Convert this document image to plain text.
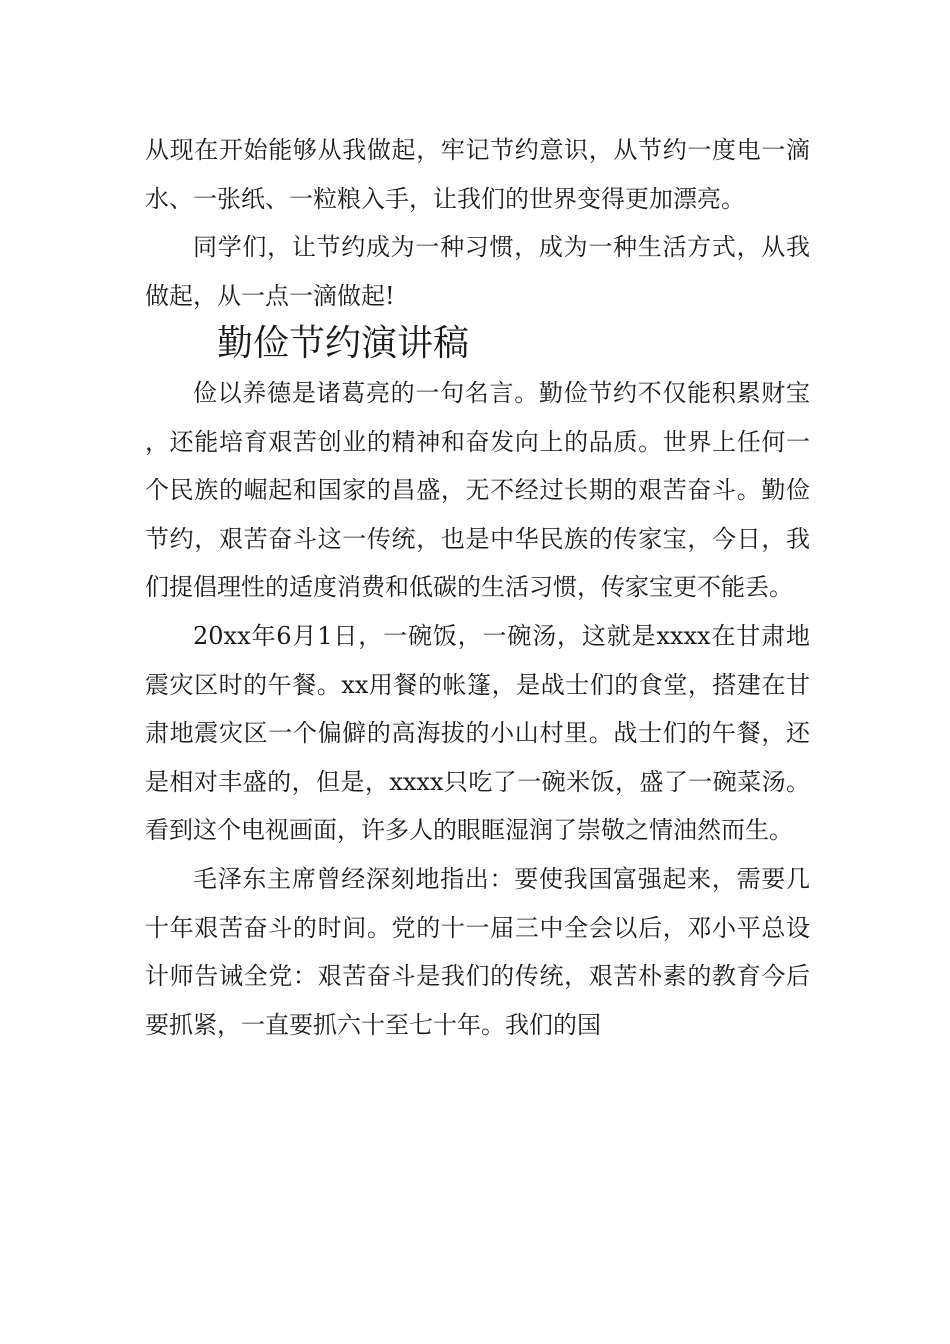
从现在开始能够从我做起，牢记节约意识，从节约一度电一滴水、一张纸、一粒粮入手，让我们的世界变得更加漂亮。

同学们，让节约成为一种习惯，成为一种生活方式，从我做起，从一点一滴做起!

勤俭节约演讲稿

俭以养德是诸葛亮的一句名言。勤俭节约不仅能积累财宝，还能培育艰苦创业的精神和奋发向上的品质。世界上任何一个民族的崛起和国家的昌盛，无不经过长期的艰苦奋斗。勤俭节约，艰苦奋斗这一传统，也是中华民族的传家宝，今日，我们提倡理性的适度消费和低碳的生活习惯，传家宝更不能丢。

20xx年6月1日，一碗饭，一碗汤，这就是xxxx在甘肃地震灾区时的午餐。xx用餐的帐篷，是战士们的食堂，搭建在甘肃地震灾区一个偏僻的高海拔的小山村里。战士们的午餐，还是相对丰盛的，但是，xxxx只吃了一碗米饭，盛了一碗菜汤。看到这个电视画面，许多人的眼眶湿润了崇敬之情油然而生。

毛泽东主席曾经深刻地指出：要使我国富强起来，需要几十年艰苦奋斗的时间。党的十一届三中全会以后，邓小平总设计师告诫全党：艰苦奋斗是我们的传统，艰苦朴素的教育今后要抓紧，一直要抓六十至七十年。我们的国
